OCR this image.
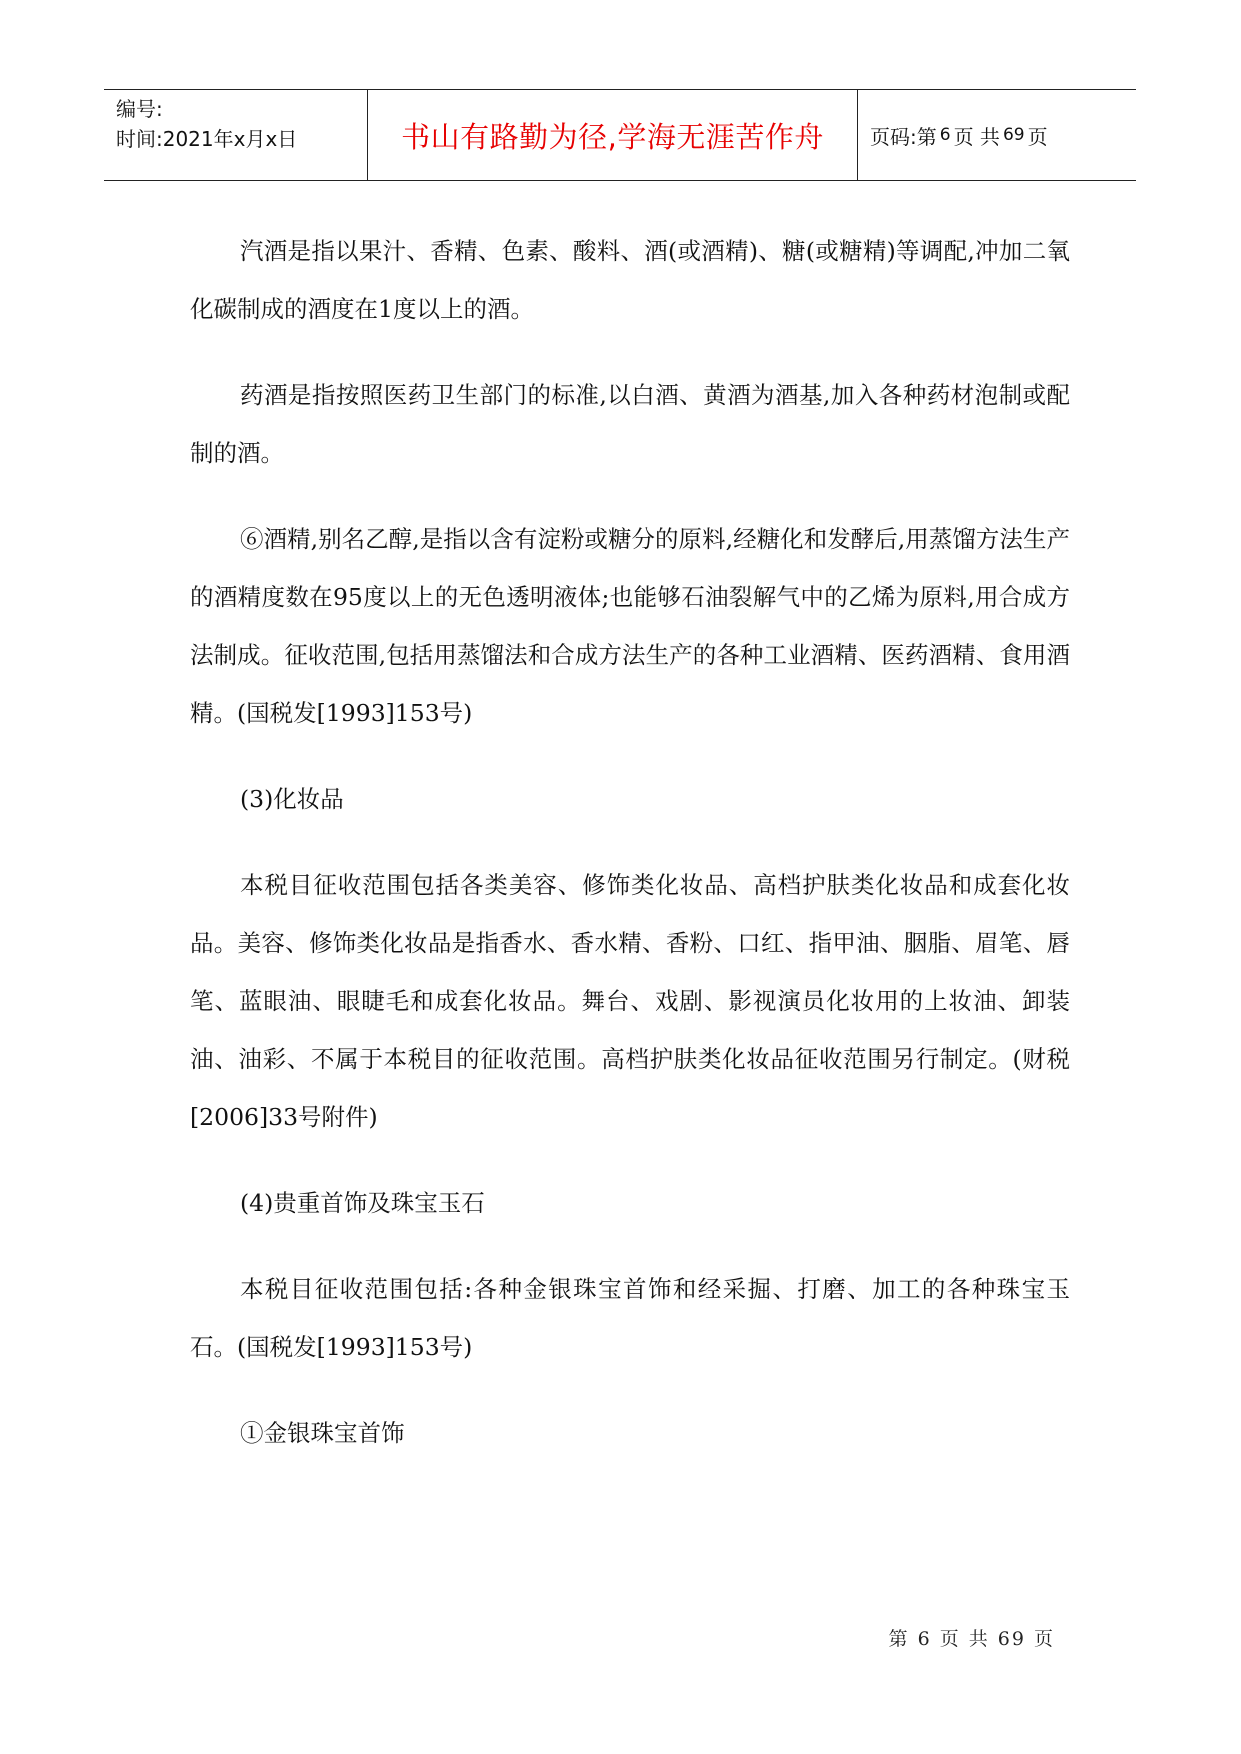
编号:
时间:2021年x月x日	书山有路勤为径,学海无涯苦作舟	页码:第 6 页 共 69 页

汽酒是指以果汁、香精、色素、酸料、酒(或酒精)、糖(或糖精)等调配,冲加二氧化碳制成的酒度在1度以上的酒。

药酒是指按照医药卫生部门的标准,以白酒、黄酒为酒基,加入各种药材泡制或配制的酒。

⑥酒精,别名乙醇,是指以含有淀粉或糖分的原料,经糖化和发酵后,用蒸馏方法生产的酒精度数在95度以上的无色透明液体;也能够石油裂解气中的乙烯为原料,用合成方法制成。征收范围,包括用蒸馏法和合成方法生产的各种工业酒精、医药酒精、食用酒精。(国税发[1993]153号)

(3)化妆品

本税目征收范围包括各类美容、修饰类化妆品、高档护肤类化妆品和成套化妆品。美容、修饰类化妆品是指香水、香水精、香粉、口红、指甲油、胭脂、眉笔、唇笔、蓝眼油、眼睫毛和成套化妆品。舞台、戏剧、影视演员化妆用的上妆油、卸装油、油彩、不属于本税目的征收范围。高档护肤类化妆品征收范围另行制定。(财税[2006]33号附件)

(4)贵重首饰及珠宝玉石

本税目征收范围包括:各种金银珠宝首饰和经采掘、打磨、加工的各种珠宝玉石。(国税发[1993]153号)

①金银珠宝首饰

第 6 页 共 69 页
